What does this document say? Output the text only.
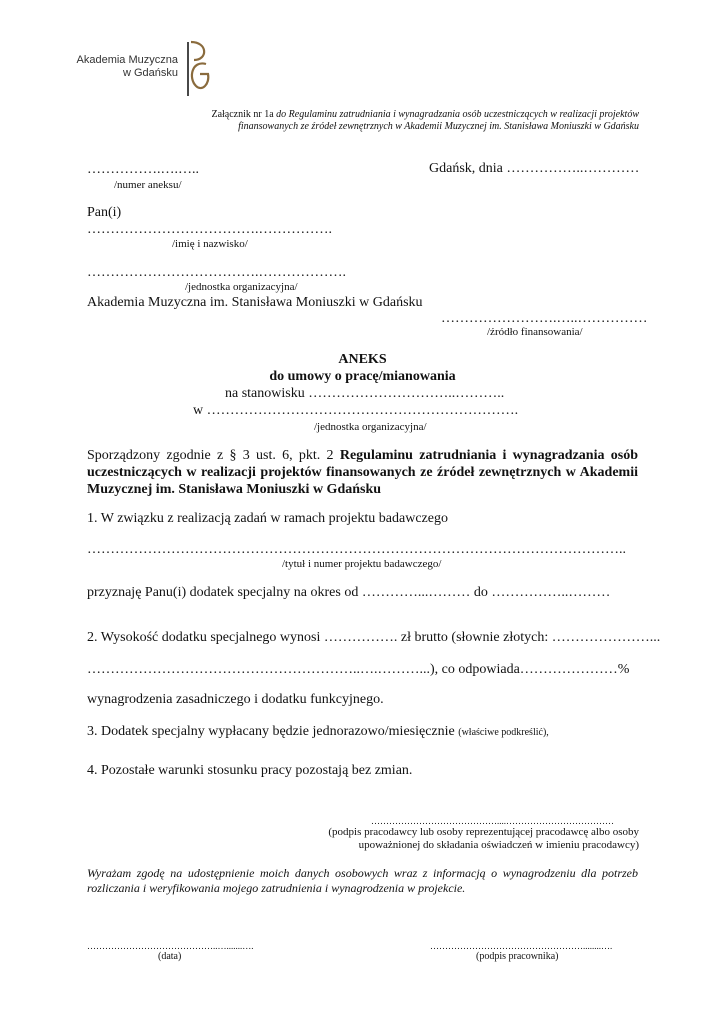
Akademia Muzyczna
w Gdańsku
Załącznik nr 1a do Regulaminu zatrudniania i wynagradzania osób uczestniczących w realizacji projektów
finansowanych ze źródeł zewnętrznych w Akademii Muzycznej im. Stanisława Moniuszki w Gdańsku
…………….….…..
/numer aneksu/
Gdańsk, dnia ……………..…………
Pan(i)
……………………………….…………….
/imię i nazwisko/
……………………………….……………….
/jednostka organizacyjna/
Akademia Muzyczna im. Stanisława Moniuszki w Gdańsku
…………………….…..……………
/źródło finansowania/
ANEKS
do umowy o pracę/mianowania
na stanowisku …………………………..………..
w ………………………………………………………….
/jednostka organizacyjna/
Sporządzony zgodnie z § 3 ust. 6, pkt. 2 Regulaminu zatrudniania i wynagradzania osób uczestniczących w realizacji projektów finansowanych ze źródeł zewnętrznych w Akademii Muzycznej im. Stanisława Moniuszki w Gdańsku
1. W związku z realizacją zadań w ramach projektu badawczego
……………………………………………………………………………………………………..
/tytuł i numer projektu badawczego/
przyznaję Panu(i) dodatek specjalny na okres od …………...……… do ……………..………
2. Wysokość dodatku specjalnego wynosi ……………. zł brutto (słownie złotych: …………………...
…………………………………………………..….………...), co odpowiada…………………%
wynagrodzenia zasadniczego i dodatku funkcyjnego.
3. Dodatek specjalny wypłacany będzie jednorazowo/miesięcznie (właściwe podkreślić),
4. Pozostałe warunki stosunku pracy pozostają bez zmian.
……………………………………....………………………………
(podpis pracodawcy lub osoby reprezentującej pracodawcę albo osoby
upoważnionej do składania oświadczeń w imieniu pracodawcy)
Wyrażam zgodę na udostępnienie moich danych osobowych wraz z informacją o wynagrodzeniu dla potrzeb rozliczania i weryfikowania mojego zatrudnienia i wynagrodzenia w projekcie.
……………………………………..….......….
(data)
……………………………………………........….
(podpis pracownika)
